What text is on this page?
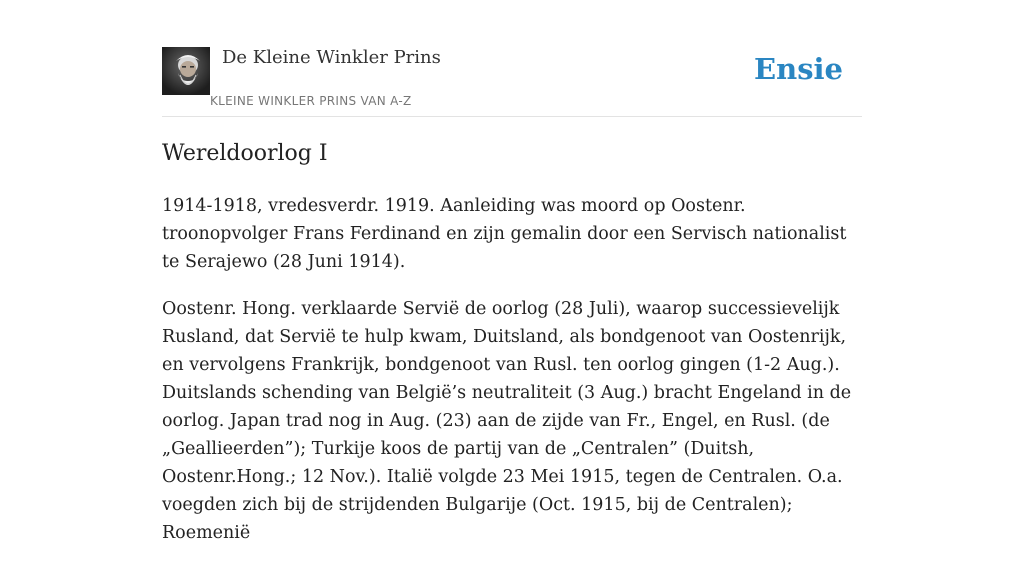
De Kleine Winkler Prins
KLEINE WINKLER PRINS VAN A-Z
Ensie
Wereldoorlog I

1914-1918, vredesverdr. 1919. Aanleiding was moord op Oostenr. troonopvolger Frans Ferdinand en zijn gemalin door een Servisch nationalist te Serajewo (28 Juni 1914).

Oostenr. Hong. verklaarde Servië de oorlog (28 Juli), waarop successievelijk Rusland, dat Servië te hulp kwam, Duitsland, als bondgenoot van Oostenrijk, en vervolgens Frankrijk, bondgenoot van Rusl. ten oorlog gingen (1-2 Aug.). Duitslands schending van België’s neutraliteit (3 Aug.) bracht Engeland in de oorlog. Japan trad nog in Aug. (23) aan de zijde van Fr., Engel, en Rusl. (de „Geallieerden”); Turkije koos de partij van de „Centralen” (Duitsh, Oostenr.Hong.; 12 Nov.). Italië volgde 23 Mei 1915, tegen de Centralen. O.a. voegden zich bij de strijdenden Bulgarije (Oct. 1915, bij de Centralen); Roemenië
